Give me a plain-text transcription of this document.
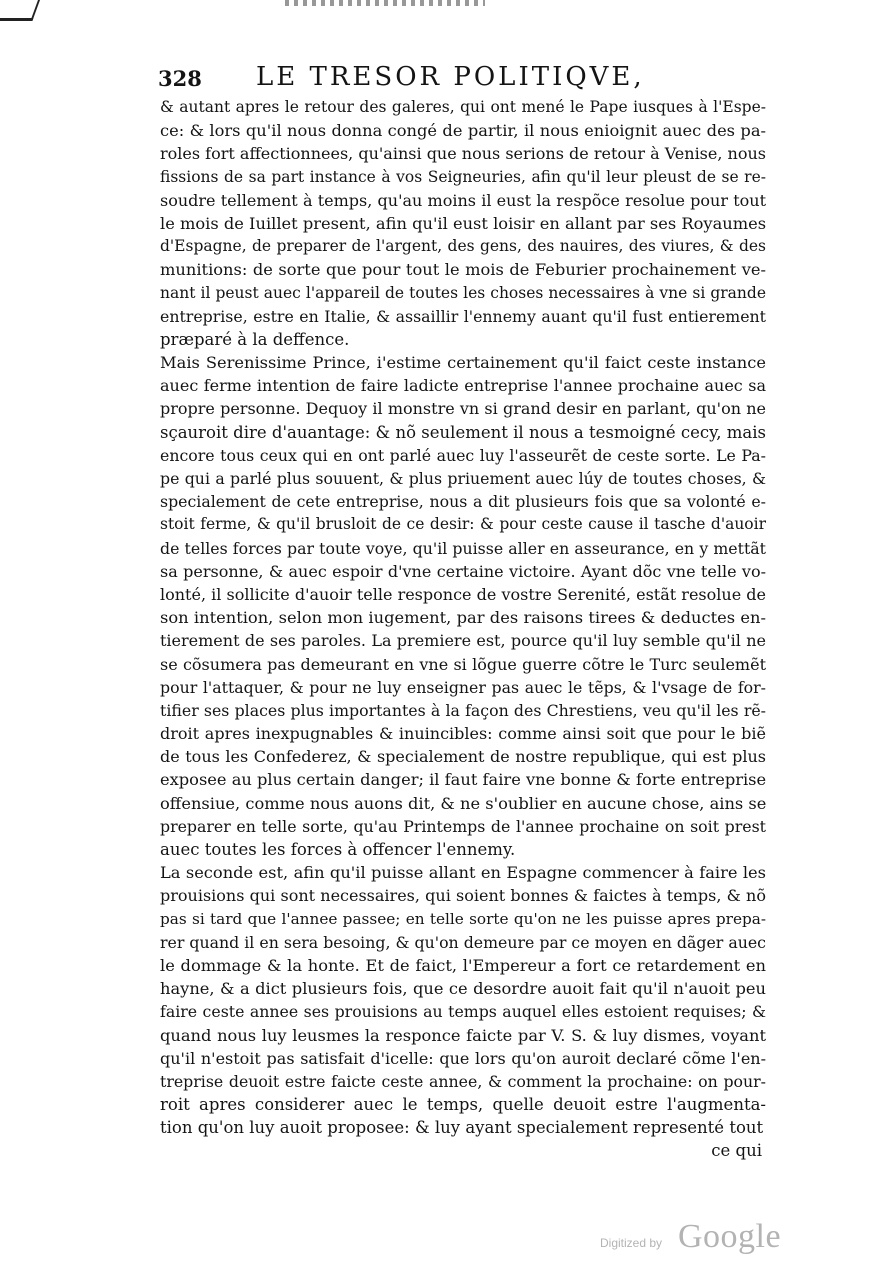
328 LE TRESOR POLITIQVE,
& autant apres le retour des galeres, qui ont mené le Pape iusques à l'Espe-
ce: & lors qu'il nous donna congé de partir, il nous enioignit auec des pa-
roles fort affectionnees, qu'ainsi que nous serions de retour à Venise, nous
fissions de sa part instance à vos Seigneuries, afin qu'il leur pleust de se re-
soudre tellement à temps, qu'au moins il eust la respõce resolue pour tout
le mois de Iuillet present, afin qu'il eust loisir en allant par ses Royaumes
d'Espagne, de preparer de l'argent, des gens, des nauires, des viures, & des
munitions: de sorte que pour tout le mois de Feburier prochainement ve-
nant il peust auec l'appareil de toutes les choses necessaires à vne si grande
entreprise, estre en Italie, & assaillir l'ennemy auant qu'il fust entierement
præparé à la deffence.
Mais Serenissime Prince, i'estime certainement qu'il faict ceste instance
auec ferme intention de faire ladicte entreprise l'annee prochaine auec sa
propre personne. Dequoy il monstre vn si grand desir en parlant, qu'on ne
sçauroit dire d'auantage: & nõ seulement il nous a tesmoigné cecy, mais
encore tous ceux qui en ont parlé auec luy l'asseurẽt de ceste sorte. Le Pa-
pe qui a parlé plus souuent, & plus priuement auec lúy de toutes choses, &
specialement de cete entreprise, nous a dit plusieurs fois que sa volonté e-
stoit ferme, & qu'il brusloit de ce desir: & pour ceste cause il tasche d'auoir
de telles forces par toute voye, qu'il puisse aller en asseurance, en y mettãt
sa personne, & auec espoir d'vne certaine victoire. Ayant dõc vne telle vo-
lonté, il sollicite d'auoir telle responce de vostre Serenité, estãt resolue de
son intention, selon mon iugement, par des raisons tirees & deductes en-
tierement de ses paroles. La premiere est, pource qu'il luy semble qu'il ne
se cõsumera pas demeurant en vne si lõgue guerre cõtre le Turc seulemẽt
pour l'attaquer, & pour ne luy enseigner pas auec le tẽps, & l'vsage de for-
tifier ses places plus importantes à la façon des Chrestiens, veu qu'il les rẽ-
droit apres inexpugnables & inuincibles: comme ainsi soit que pour le biẽ
de tous les Confederez, & specialement de nostre republique, qui est plus
exposee au plus certain danger; il faut faire vne bonne & forte entreprise
offensiue, comme nous auons dit, & ne s'oublier en aucune chose, ains se
preparer en telle sorte, qu'au Printemps de l'annee prochaine on soit prest
auec toutes les forces à offencer l'ennemy.
La seconde est, afin qu'il puisse allant en Espagne commencer à faire les
prouisions qui sont necessaires, qui soient bonnes & faictes à temps, & nõ
pas si tard que l'annee passee; en telle sorte qu'on ne les puisse apres prepa-
rer quand il en sera besoing, & qu'on demeure par ce moyen en dãger auec
le dommage & la honte. Et de faict, l'Empereur a fort ce retardement en
hayne, & a dict plusieurs fois, que ce desordre auoit fait qu'il n'auoit peu
faire ceste annee ses prouisions au temps auquel elles estoient requises; &
quand nous luy leusmes la responce faicte par V. S. & luy dismes, voyant
qu'il n'estoit pas satisfait d'icelle: que lors qu'on auroit declaré cõme l'en-
treprise deuoit estre faicte ceste annee, & comment la prochaine: on pour-
roit apres considerer auec le temps, quelle deuoit estre l'augmenta-
tion qu'on luy auoit proposee: & luy ayant specialement representé tout
ce qui
Digitized by Google
